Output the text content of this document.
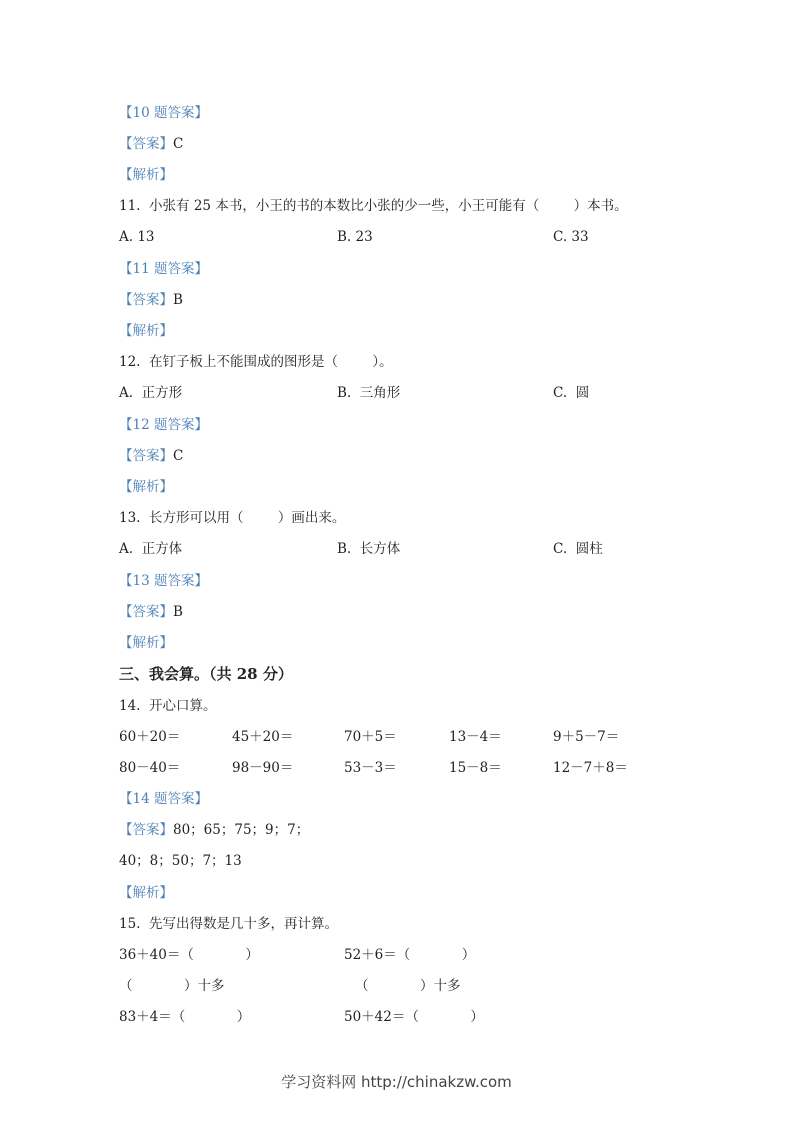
【10 题答案】
【答案】C
【解析】
11.  小张有 25 本书，小王的书的本数比小张的少一些，小王可能有（        ）本书。
A. 13	B. 23	C. 33
【11 题答案】
【答案】B
【解析】
12.  在钉子板上不能围成的图形是（        ）。
A.  正方形	B.  三角形	C.  圆
【12 题答案】
【答案】C
【解析】
13.  长方形可以用（        ）画出来。
A.  正方体	B.  长方体	C.  圆柱
【13 题答案】
【答案】B
【解析】
三、我会算。（共 28 分）
14.  开心口算。
60＋20＝	45＋20＝	70＋5＝	13－4＝	9＋5－7＝
80－40＝	98－90＝	53－3＝	15－8＝	12－7＋8＝
【14 题答案】
【答案】80；65；75；9；7；
40；8；50；7；13
【解析】
15.  先写出得数是几十多，再计算。
36＋40＝（            ）	52＋6＝（            ）
（            ）十多	（            ）十多
83＋4＝（            ）	50＋42＝（            ）
学习资料网 http://chinakzw.com
